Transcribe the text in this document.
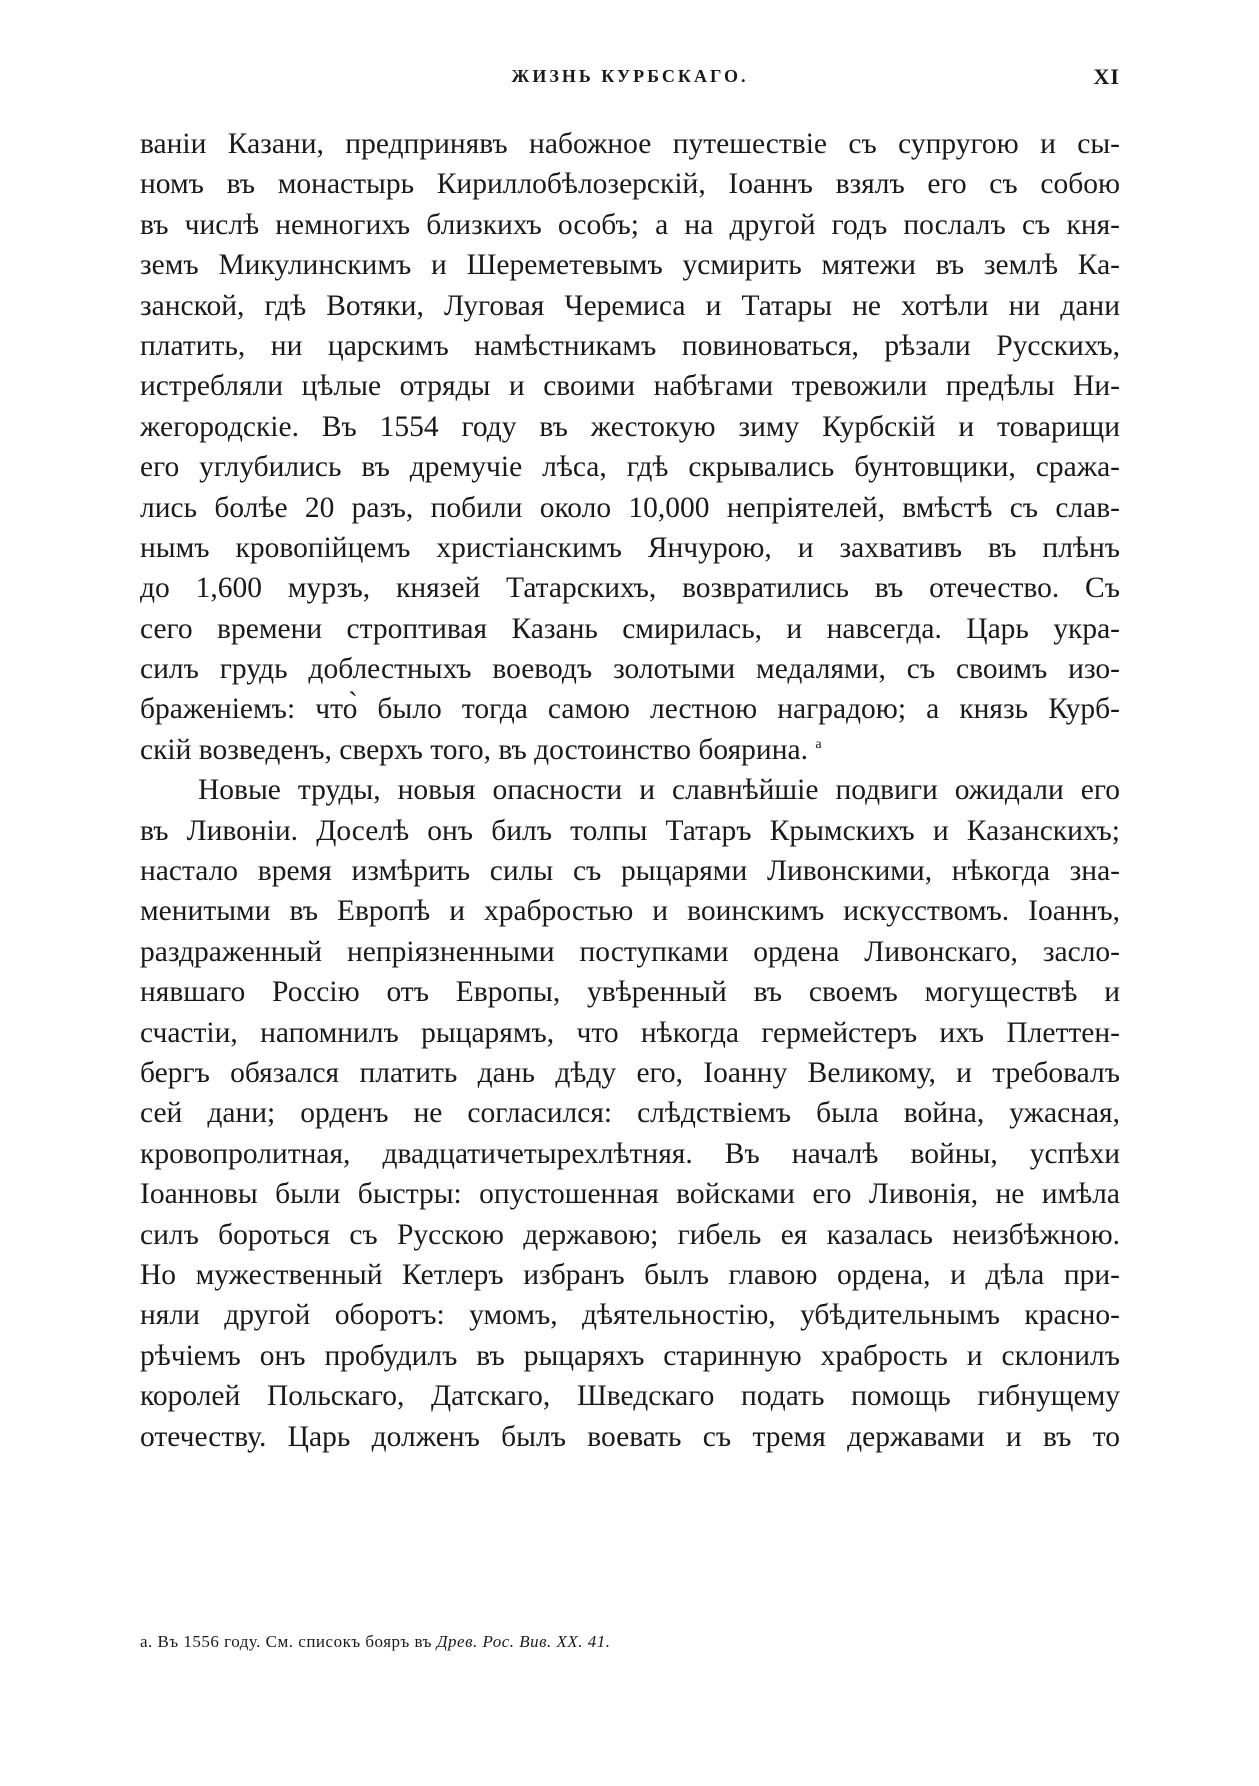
ЖИЗНЬ КУРБСКАГО.	XI
ваніи Казани, предпринявъ набожное путешествіе съ супругою и сы-
номъ въ монастырь Кириллобѣлозерскій, Іоаннъ взялъ его съ собою
въ числѣ немногихъ близкихъ особъ; а на другой годъ послалъ съ кня-
земъ Микулинскимъ и Шереметевымъ усмирить мятежи въ землѣ Ка-
занской, гдѣ Вотяки, Луговая Черемиса и Татары не хотѣли ни дани
платить, ни царскимъ намѣстникамъ повиноваться, рѣзали Русскихъ,
истребляли цѣлые отряды и своими набѣгами тревожили предѣлы Ни-
жегородскіе. Въ 1554 году въ жестокую зиму Курбскій и товарищи
его углубились въ дремучіе лѣса, гдѣ скрывались бунтовщики, сража-
лись болѣе 20 разъ, побили около 10,000 непріятелей, вмѣстѣ съ слав-
нымъ кровопійцемъ христіанскимъ Янчурою, и захвативъ въ плѣнъ
до 1,600 мурзъ, князей Татарскихъ, возвратились въ отечество. Съ
сего времени строптивая Казань смирилась, и навсегда. Царь укра-
силъ грудь доблестныхъ воеводъ золотыми медалями, съ своимъ изо-
браженіемъ: что̀ было тогда самою лестною наградою; а князь Курб-
скій возведенъ, сверхъ того, въ достоинство боярина. $^a$
Новые труды, новыя опасности и славнѣйшіе подвиги ожидали его
въ Ливоніи. Доселѣ онъ билъ толпы Татаръ Крымскихъ и Казанскихъ;
настало время измѣрить силы съ рыцарями Ливонскими, нѣкогда зна-
менитыми въ Европѣ и храбростью и воинскимъ искусствомъ. Іоаннъ,
раздраженный непріязненными поступками ордена Ливонскаго, засло-
нявшаго Россію отъ Европы, увѣренный въ своемъ могуществѣ и
счастіи, напомнилъ рыцарямъ, что нѣкогда гермейстеръ ихъ Плеттен-
бергъ обязался платить дань дѣду его, Іоанну Великому, и требовалъ
сей дани; орденъ не согласился: слѣдствіемъ была война, ужасная,
кровопролитная, двадцатичетырехлѣтняя. Въ началѣ войны, успѣхи
Іоанновы были быстры: опустошенная войсками его Ливонія, не имѣла
силъ бороться съ Русскою державою; гибель ея казалась неизбѣжною.
Но мужественный Кетлеръ избранъ былъ главою ордена, и дѣла при-
няли другой оборотъ: умомъ, дѣятельностію, убѣдительнымъ красно-
рѣчіемъ онъ пробудилъ въ рыцаряхъ старинную храбрость и склонилъ
королей Польскаго, Датскаго, Шведскаго подать помощь гибнущему
отечеству. Царь долженъ былъ воевать съ тремя державами и въ то
a. Въ 1556 году. См. списокъ бояръ въ Древ. Рос. Вив. XX. 41.
